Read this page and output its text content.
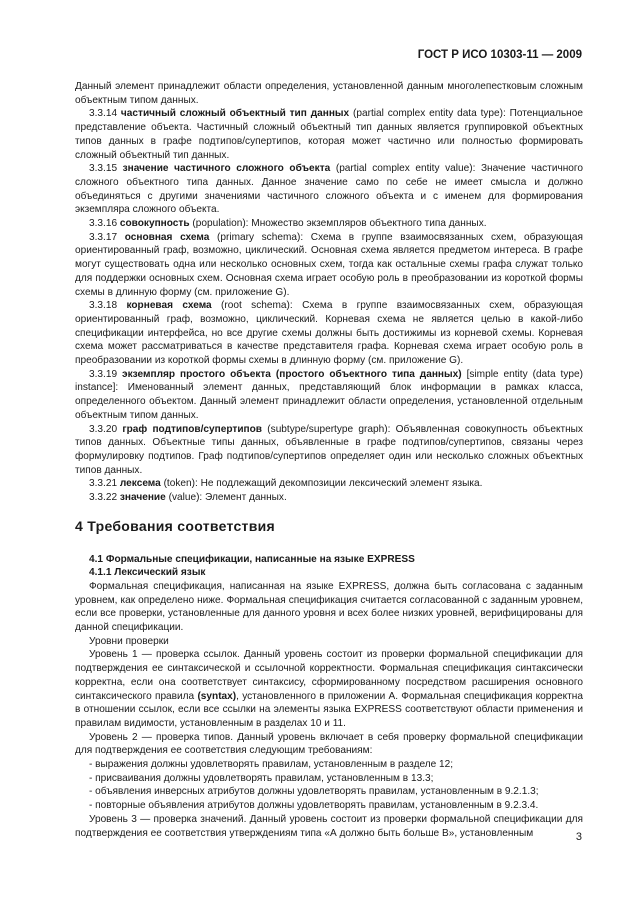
ГОСТ Р ИСО 10303-11 — 2009

Данный элемент принадлежит области определения, установленной данным многолепестковым сложным объектным типом данных.

3.3.14 частичный сложный объектный тип данных (partial complex entity data type): Потенциальное представление объекта. Частичный сложный объектный тип данных является группировкой объектных типов данных в графе подтипов/супертипов, которая может частично или полностью формировать сложный объектный тип данных.

3.3.15 значение частичного сложного объекта (partial complex entity value): Значение частичного сложного объектного типа данных. Данное значение само по себе не имеет смысла и должно объединяться с другими значениями частичного сложного объекта и с именем для формирования экземпляра сложного объекта.

3.3.16 совокупность (population): Множество экземпляров объектного типа данных.

3.3.17 основная схема (primary schema): Схема в группе взаимосвязанных схем, образующая ориентированный граф, возможно, циклический. Основная схема является предметом интереса. В графе могут существовать одна или несколько основных схем, тогда как остальные схемы графа служат только для поддержки основных схем. Основная схема играет особую роль в преобразовании из короткой формы схемы в длинную форму (см. приложение G).

3.3.18 корневая схема (root schema): Схема в группе взаимосвязанных схем, образующая ориентированный граф, возможно, циклический. Корневая схема не является целью в какой-либо спецификации интерфейса, но все другие схемы должны быть достижимы из корневой схемы. Корневая схема может рассматриваться в качестве представителя графа. Корневая схема играет особую роль в преобразовании из короткой формы схемы в длинную форму (см. приложение G).

3.3.19 экземпляр простого объекта (простого объектного типа данных) [simple entity (data type) instance]: Именованный элемент данных, представляющий блок информации в рамках класса, определенного объектом. Данный элемент принадлежит области определения, установленной отдельным объектным типом данных.

3.3.20 граф подтипов/супертипов (subtype/supertype graph): Объявленная совокупность объектных типов данных. Объектные типы данных, объявленные в графе подтипов/супертипов, связаны через формулировку подтипов. Граф подтипов/супертипов определяет один или несколько сложных объектных типов данных.

3.3.21 лексема (token): Не подлежащий декомпозиции лексический элемент языка.

3.3.22 значение (value): Элемент данных.

4 Требования соответствия

4.1 Формальные спецификации, написанные на языке EXPRESS

4.1.1 Лексический язык

Формальная спецификация, написанная на языке EXPRESS, должна быть согласована с заданным уровнем, как определено ниже. Формальная спецификация считается согласованной с заданным уровнем, если все проверки, установленные для данного уровня и всех более низких уровней, верифицированы для данной спецификации.

Уровни проверки

Уровень 1 — проверка ссылок. Данный уровень состоит из проверки формальной спецификации для подтверждения ее синтаксической и ссылочной корректности. Формальная спецификация синтаксически корректна, если она соответствует синтаксису, сформированному посредством расширения основного синтаксического правила (syntax), установленного в приложении A. Формальная спецификация корректна в отношении ссылок, если все ссылки на элементы языка EXPRESS соответствуют области применения и правилам видимости, установленным в разделах 10 и 11.

Уровень 2 — проверка типов. Данный уровень включает в себя проверку формальной спецификации для подтверждения ее соответствия следующим требованиям:

- выражения должны удовлетворять правилам, установленным в разделе 12;

- присваивания должны удовлетворять правилам, установленным в 13.3;

- объявления инверсных атрибутов должны удовлетворять правилам, установленным в 9.2.1.3;

- повторные объявления атрибутов должны удовлетворять правилам, установленным в 9.2.3.4.

Уровень 3 — проверка значений. Данный уровень состоит из проверки формальной спецификации для подтверждения ее соответствия утверждениям типа «А должно быть больше В», установленным	3
